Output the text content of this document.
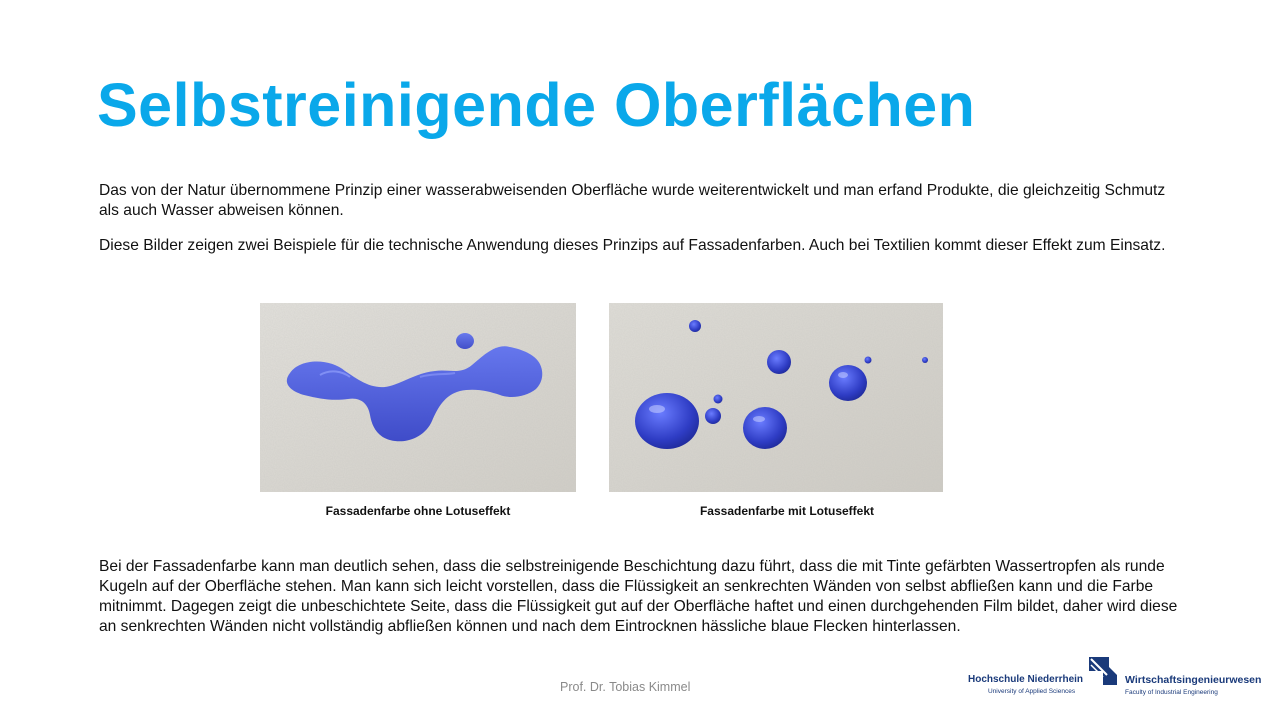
Selbstreinigende Oberflächen
Das von der Natur übernommene Prinzip einer wasserabweisenden Oberfläche wurde weiterentwickelt und man erfand Produkte, die gleichzeitig Schmutz als auch Wasser abweisen können.
Diese Bilder zeigen zwei Beispiele für die technische Anwendung dieses Prinzips auf Fassadenfarben. Auch bei Textilien kommt dieser Effekt zum Einsatz.
Fassadenfarbe ohne Lotuseffekt	Fassadenfarbe mit Lotuseffekt
Bei der Fassadenfarbe kann man deutlich sehen, dass die selbstreinigende Beschichtung dazu führt, dass die mit Tinte gefärbten Wassertropfen als runde Kugeln auf der Oberfläche stehen. Man kann sich leicht vorstellen, dass die Flüssigkeit an senkrechten Wänden von selbst abfließen kann und die Farbe mitnimmt. Dagegen zeigt die unbeschichtete Seite, dass die Flüssigkeit gut auf der Oberfläche haftet und einen durchgehenden Film bildet, daher wird diese an senkrechten Wänden nicht vollständig abfließen können und nach dem Eintrocknen hässliche blaue Flecken hinterlassen.
Prof. Dr. Tobias Kimmel
Hochschule Niederrhein
University of Applied Sciences
Wirtschaftsingenieurwesen
Faculty of Industrial Engineering
